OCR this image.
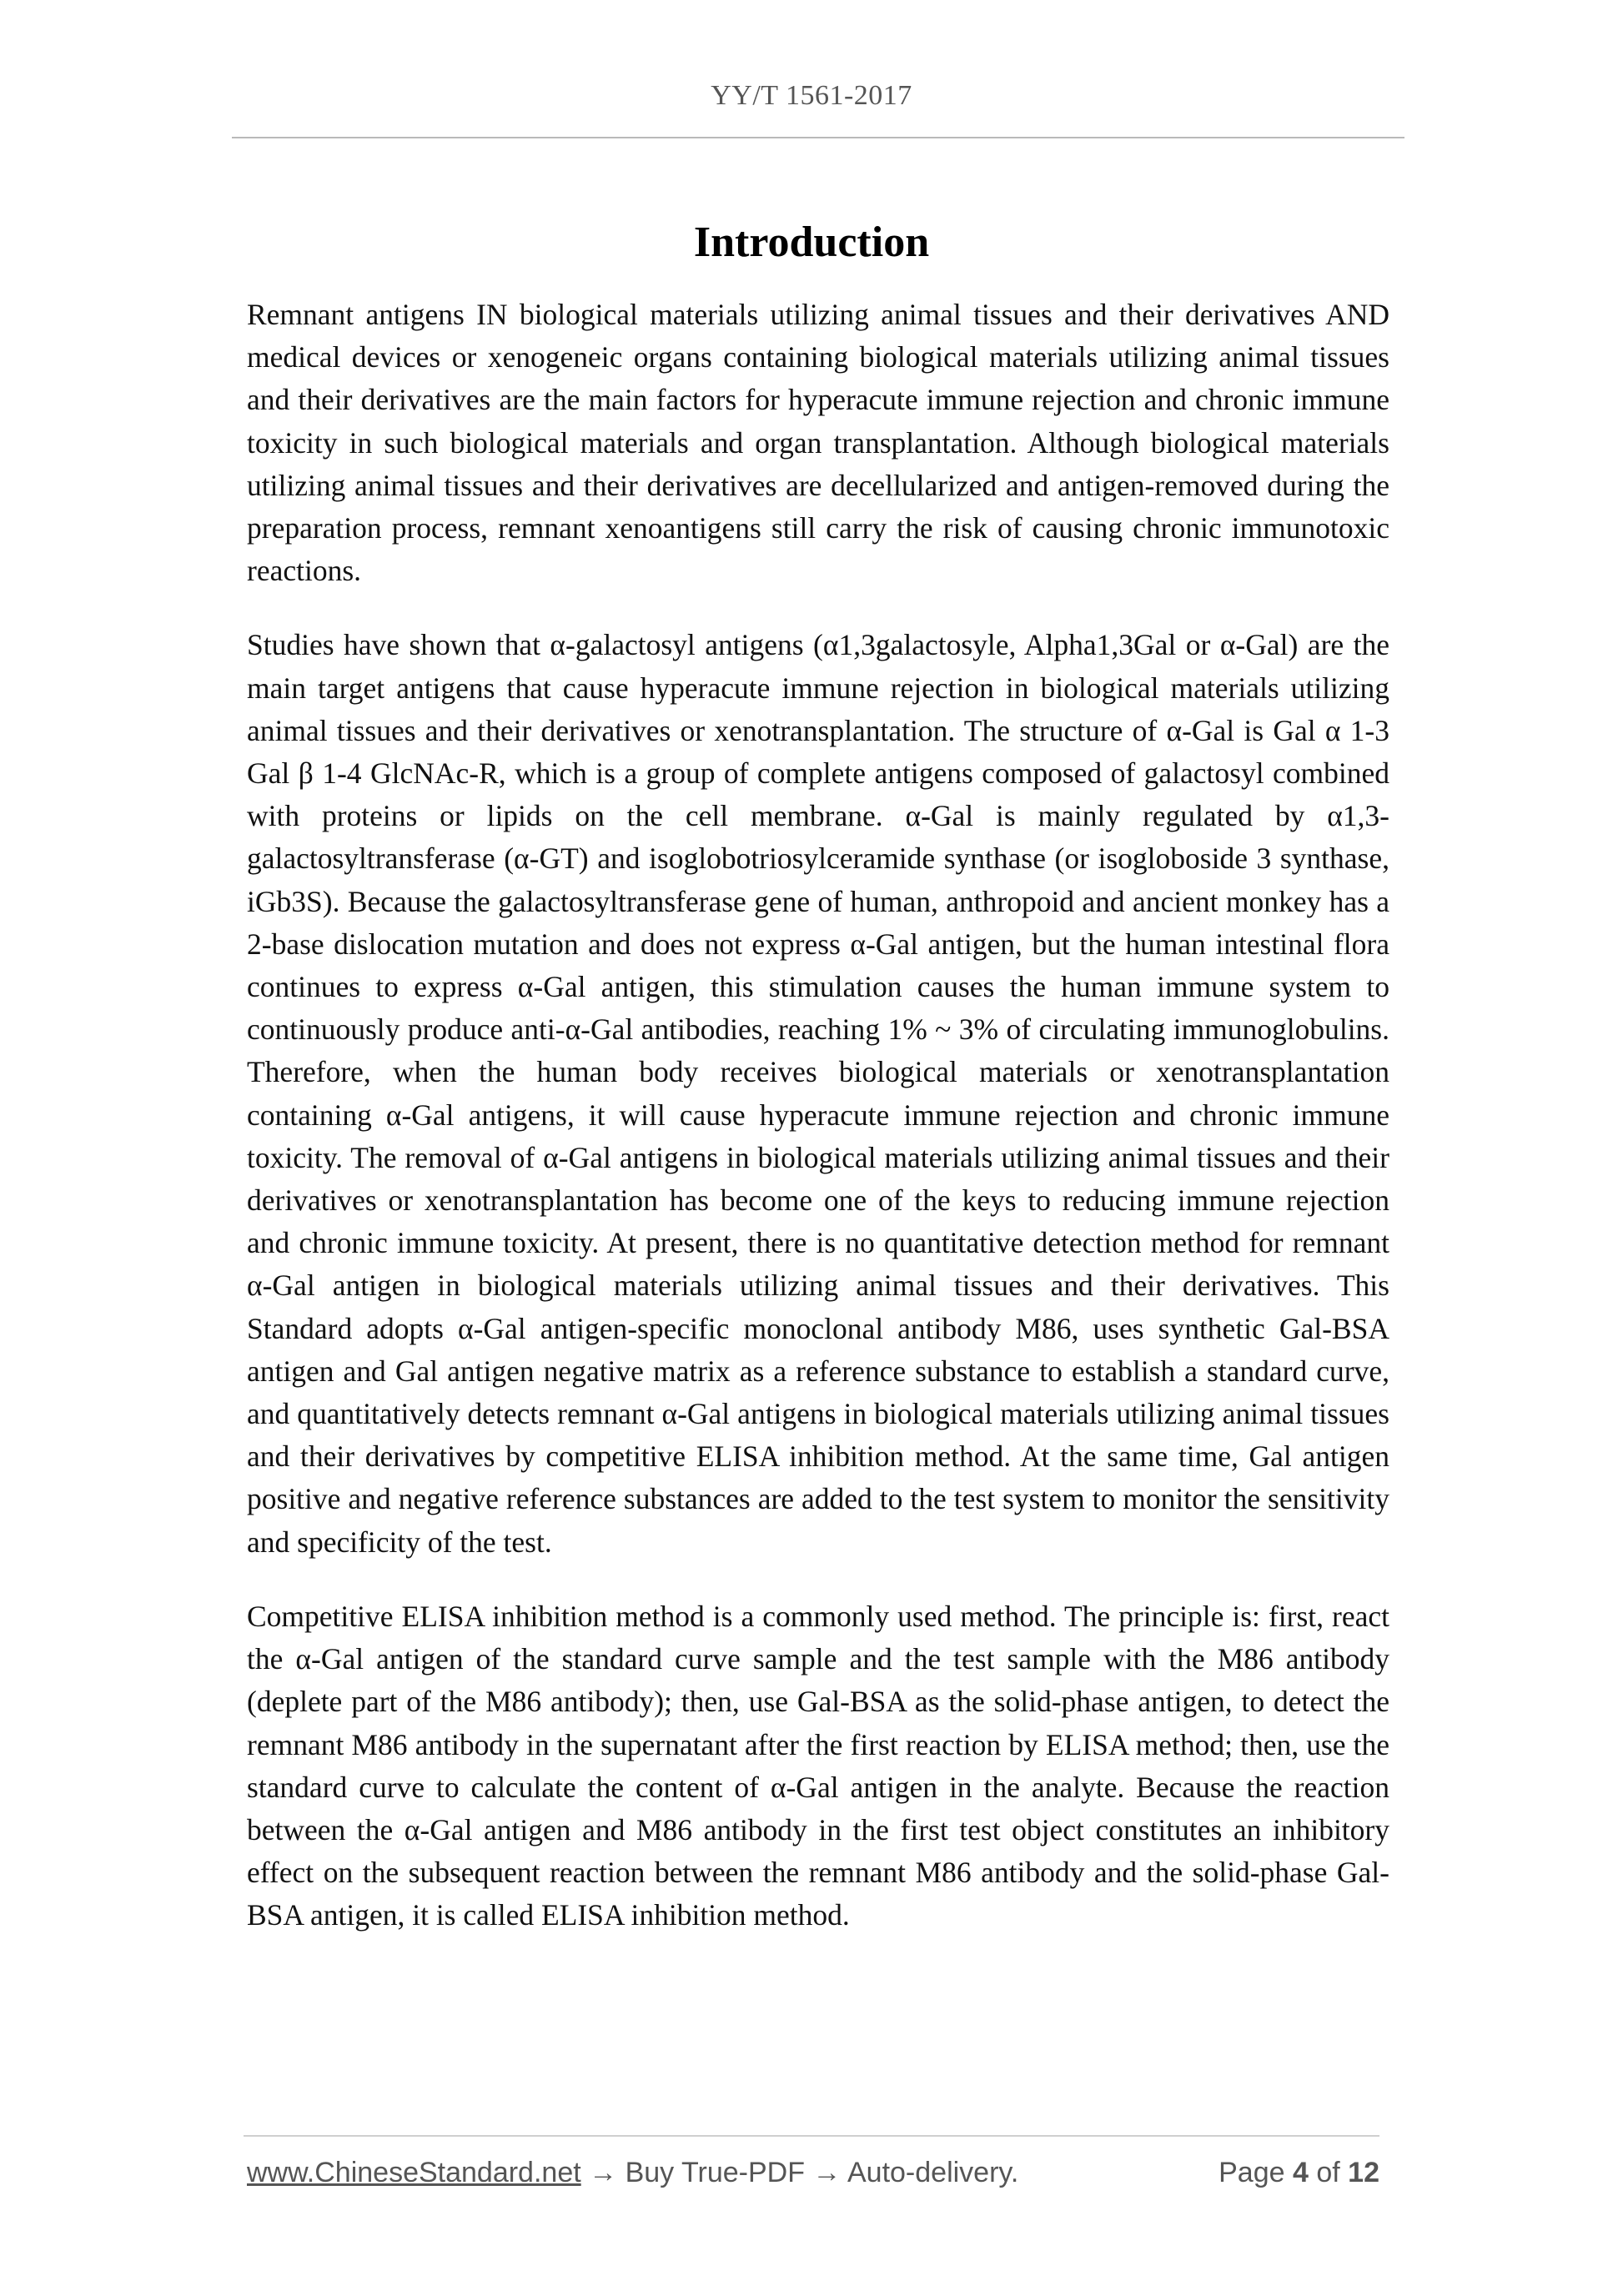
YY/T 1561-2017
Introduction

Remnant antigens IN biological materials utilizing animal tissues and their derivatives AND medical devices or xenogeneic organs containing biological materials utilizing animal tissues and their derivatives are the main factors for hyperacute immune rejection and chronic immune toxicity in such biological materials and organ transplantation. Although biological materials utilizing animal tissues and their derivatives are decellularized and antigen-removed during the preparation process, remnant xenoantigens still carry the risk of causing chronic immunotoxic reactions.

Studies have shown that α-galactosyl antigens (α1,3galactosyle, Alpha1,3Gal or α-Gal) are the main target antigens that cause hyperacute immune rejection in biological materials utilizing animal tissues and their derivatives or xenotransplantation. The structure of α-Gal is Gal α 1-3 Gal β 1-4 GlcNAc-R, which is a group of complete antigens composed of galactosyl combined with proteins or lipids on the cell membrane. α-Gal is mainly regulated by α1,3-galactosyltransferase (α-GT) and isoglobotriosylceramide synthase (or isogloboside 3 synthase, iGb3S). Because the galactosyltransferase gene of human, anthropoid and ancient monkey has a 2-base dislocation mutation and does not express α-Gal antigen, but the human intestinal flora continues to express α-Gal antigen, this stimulation causes the human immune system to continuously produce anti-α-Gal antibodies, reaching 1% ~ 3% of circulating immunoglobulins. Therefore, when the human body receives biological materials or xenotransplantation containing α-Gal antigens, it will cause hyperacute immune rejection and chronic immune toxicity. The removal of α-Gal antigens in biological materials utilizing animal tissues and their derivatives or xenotransplantation has become one of the keys to reducing immune rejection and chronic immune toxicity. At present, there is no quantitative detection method for remnant α-Gal antigen in biological materials utilizing animal tissues and their derivatives. This Standard adopts α-Gal antigen-specific monoclonal antibody M86, uses synthetic Gal-BSA antigen and Gal antigen negative matrix as a reference substance to establish a standard curve, and quantitatively detects remnant α-Gal antigens in biological materials utilizing animal tissues and their derivatives by competitive ELISA inhibition method. At the same time, Gal antigen positive and negative reference substances are added to the test system to monitor the sensitivity and specificity of the test.

Competitive ELISA inhibition method is a commonly used method. The principle is: first, react the α-Gal antigen of the standard curve sample and the test sample with the M86 antibody (deplete part of the M86 antibody); then, use Gal-BSA as the solid-phase antigen, to detect the remnant M86 antibody in the supernatant after the first reaction by ELISA method; then, use the standard curve to calculate the content of α-Gal antigen in the analyte. Because the reaction between the α-Gal antigen and M86 antibody in the first test object constitutes an inhibitory effect on the subsequent reaction between the remnant M86 antibody and the solid-phase Gal-BSA antigen, it is called ELISA inhibition method.

www.ChineseStandard.net → Buy True-PDF → Auto-delivery.	Page 4 of 12
